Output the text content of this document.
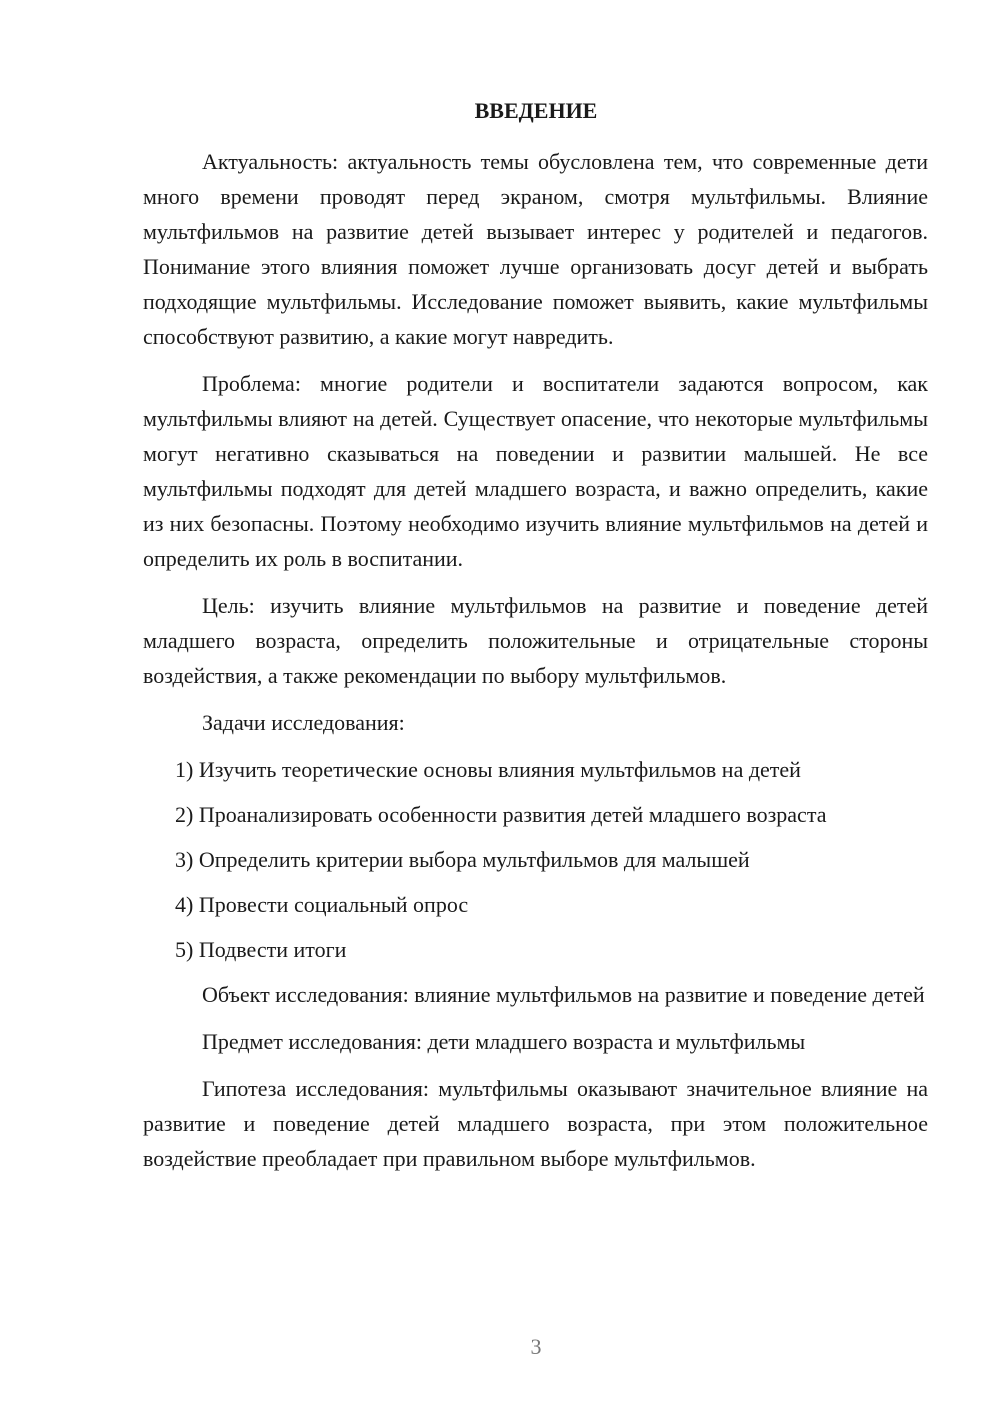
ВВЕДЕНИЕ

Актуальность: актуальность темы обусловлена тем, что современные дети много времени проводят перед экраном, смотря мультфильмы. Влияние мультфильмов на развитие детей вызывает интерес у родителей и педагогов. Понимание этого влияния поможет лучше организовать досуг детей и выбрать подходящие мультфильмы. Исследование поможет выявить, какие мультфильмы способствуют развитию, а какие могут навредить.

Проблема: многие родители и воспитатели задаются вопросом, как мультфильмы влияют на детей. Существует опасение, что некоторые мультфильмы могут негативно сказываться на поведении и развитии малышей. Не все мультфильмы подходят для детей младшего возраста, и важно определить, какие из них безопасны. Поэтому необходимо изучить влияние мультфильмов на детей и определить их роль в воспитании.

Цель: изучить влияние мультфильмов на развитие и поведение детей младшего возраста, определить положительные и отрицательные стороны воздействия, а также рекомендации по выбору мультфильмов.

Задачи исследования:

1) Изучить теоретические основы влияния мультфильмов на детей

2) Проанализировать особенности развития детей младшего возраста

3) Определить критерии выбора мультфильмов для малышей

4) Провести социальный опрос

5) Подвести итоги

Объект исследования: влияние мультфильмов на развитие и поведение детей

Предмет исследования: дети младшего возраста и мультфильмы

Гипотеза исследования: мультфильмы оказывают значительное влияние на развитие и поведение детей младшего возраста, при этом положительное воздействие преобладает при правильном выборе мультфильмов.

3
